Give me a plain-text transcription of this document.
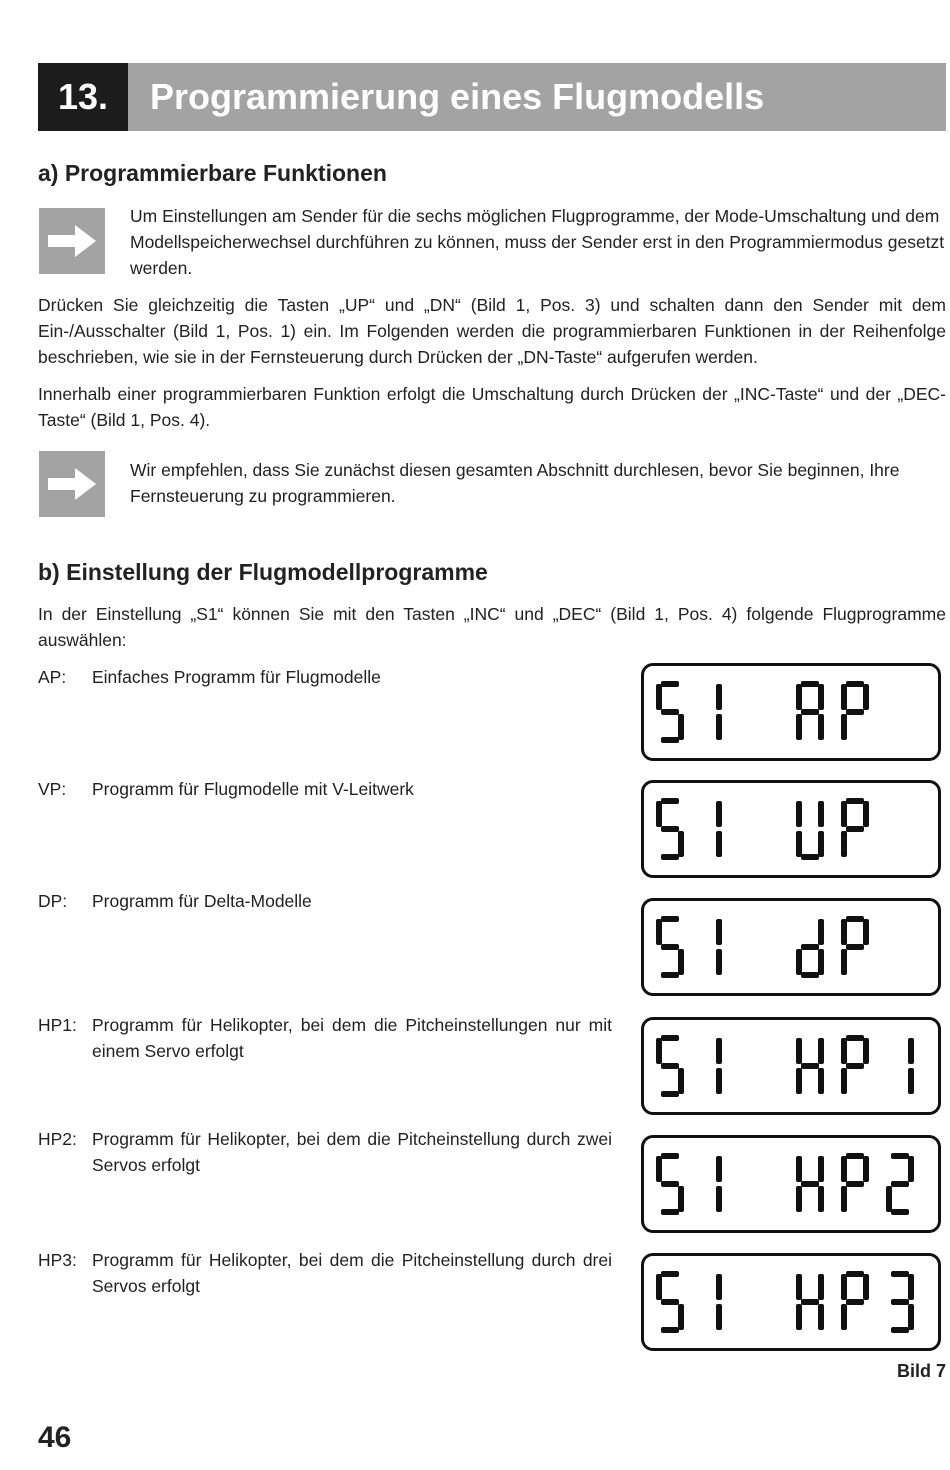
13.	Programmierung eines Flugmodells
a) Programmierbare Funktionen

Um Einstellungen am Sender für die sechs möglichen Flugprogramme, der Mode-Umschaltung und dem Modellspeicherwechsel durchführen zu können, muss der Sender erst in den Programmiermodus gesetzt werden.

Drücken Sie gleichzeitig die Tasten „UP“ und „DN“ (Bild 1, Pos. 3) und schalten dann den Sender mit dem Ein-/Ausschalter (Bild 1, Pos. 1) ein. Im Folgenden werden die programmierbaren Funktionen in der Reihenfolge beschrieben, wie sie in der Fernsteuerung durch Drücken der „DN-Taste“ aufgerufen werden.

Innerhalb einer programmierbaren Funktion erfolgt die Umschaltung durch Drücken der „INC-Taste“ und der „DEC-Taste“ (Bild 1, Pos. 4).

Wir empfehlen, dass Sie zunächst diesen gesamten Abschnitt durchlesen, bevor Sie beginnen, Ihre Fernsteuerung zu programmieren.

b) Einstellung der Flugmodellprogramme

In der Einstellung „S1“ können Sie mit den Tasten „INC“ und „DEC“ (Bild 1, Pos. 4) folgende Flugprogramme auswählen:

AP: Einfaches Programm für Flugmodelle
VP: Programm für Flugmodelle mit V-Leitwerk
DP: Programm für Delta-Modelle
HP1: Programm für Helikopter, bei dem die Pitcheinstellungen nur mit einem Servo erfolgt
HP2: Programm für Helikopter, bei dem die Pitcheinstellung durch zwei Servos erfolgt
HP3: Programm für Helikopter, bei dem die Pitcheinstellung durch drei Servos erfolgt
Bild 7
46
